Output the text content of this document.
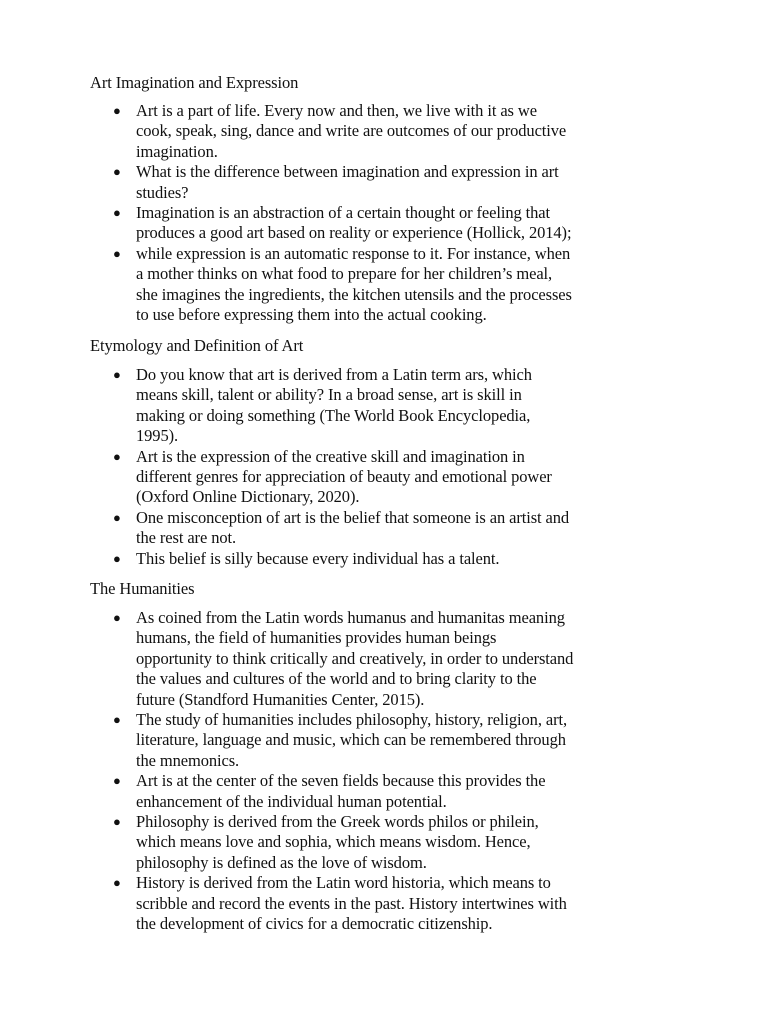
Art Imagination and Expression
● Art is a part of life. Every now and then, we live with it as we
cook, speak, sing, dance and write are outcomes of our productive
imagination.
● What is the difference between imagination and expression in art
studies?
● Imagination is an abstraction of a certain thought or feeling that
produces a good art based on reality or experience (Hollick, 2014);
● while expression is an automatic response to it. For instance, when
a mother thinks on what food to prepare for her children’s meal,
she imagines the ingredients, the kitchen utensils and the processes
to use before expressing them into the actual cooking.
Etymology and Definition of Art
● Do you know that art is derived from a Latin term ars, which
means skill, talent or ability? In a broad sense, art is skill in
making or doing something (The World Book Encyclopedia,
1995).
● Art is the expression of the creative skill and imagination in
different genres for appreciation of beauty and emotional power
(Oxford Online Dictionary, 2020).
● One misconception of art is the belief that someone is an artist and
the rest are not.
● This belief is silly because every individual has a talent.
The Humanities
● As coined from the Latin words humanus and humanitas meaning
humans, the field of humanities provides human beings
opportunity to think critically and creatively, in order to understand
the values and cultures of the world and to bring clarity to the
future (Standford Humanities Center, 2015).
● The study of humanities includes philosophy, history, religion, art,
literature, language and music, which can be remembered through
the mnemonics.
● Art is at the center of the seven fields because this provides the
enhancement of the individual human potential.
● Philosophy is derived from the Greek words philos or philein,
which means love and sophia, which means wisdom. Hence,
philosophy is defined as the love of wisdom.
● History is derived from the Latin word historia, which means to
scribble and record the events in the past. History intertwines with
the development of civics for a democratic citizenship.
